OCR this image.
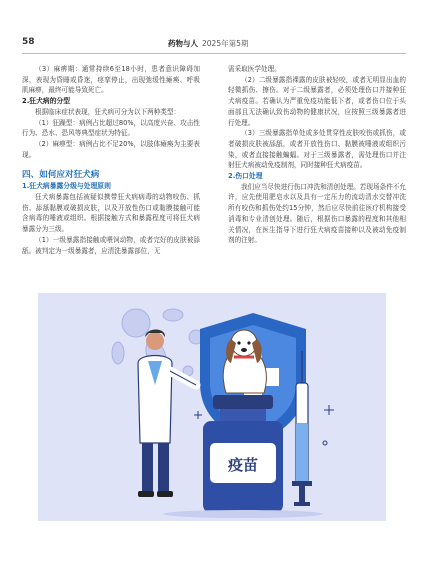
58	药物与人 2025年第5期

（3）麻痹期：通常持续6至18小时，患者意识障碍加深，表现为昏睡或昏迷，痉挛停止，出现弛缓性瘫痪、呼吸肌麻痹，最终可能导致死亡。

2.狂犬病的分型

根据临床症状表现，狂犬病可分为以下两种类型：

（1）狂躁型：病例占比超过80%，以高度兴奋、攻击性行为、恐水、恐风等典型症状为特征。

（2）麻痹型：病例占比不足20%，以肢体瘫痪为主要表现。

四、如何应对狂犬病
1.狂犬病暴露分级与处理原则

狂犬病暴露包括被疑似携带狂犬病病毒的动物咬伤、抓伤、舔舐黏膜或破损皮肤，以及开放性伤口或黏膜接触可能含病毒的唾液或组织。根据接触方式和暴露程度可将狂犬病暴露分为三级。

（1）一级暴露指接触或喂饲动物，或者完好的皮肤被舔舐。被判定为一级暴露者，应清洗暴露部位，无

需采取医学处理。

（2）二级暴露指裸露的皮肤被轻咬，或者无明显出血的轻微抓伤、擦伤。对于二级暴露者，必须处理伤口并接种狂犬病疫苗。若确认为严重免疫功能低下者，或者伤口位于头面部且无法确认致伤动物的健康状况，应按照三级暴露者进行处理。

（3）三级暴露指单处或多处贯穿性皮肤咬伤或抓伤，或者破损皮肤被舔舐，或者开放性伤口、黏膜被唾液或组织污染，或者直接接触蝙蝠。对于三级暴露者，需处理伤口并注射狂犬病被动免疫制剂，同时接种狂犬病疫苗。

2.伤口处理

我们应当尽快进行伤口冲洗和清创处理。若现场条件不允许，应先使用肥皂水以及具有一定压力的流动清水交替冲洗所有咬伤和抓伤处约15分钟，然后应尽快前往医疗机构接受消毒和专业清创处理。随后，根据伤口暴露的程度和其他相关情况，在医生指导下进行狂犬病疫苗接种以及被动免疫制剂的注射。

疫苗
